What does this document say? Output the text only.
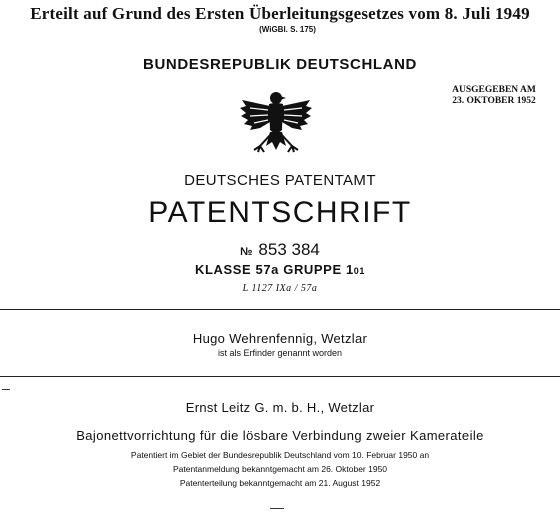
Erteilt auf Grund des Ersten Überleitungsgesetzes vom 8. Juli 1949
(WiGBl. S. 175)
BUNDESREPUBLIK DEUTSCHLAND
AUSGEGEBEN AM
23. OKTOBER 1952
DEUTSCHES PATENTAMT
PATENTSCHRIFT
№ 853 384
KLASSE 57a GRUPPE 101
L 1127 IXa / 57a
Hugo Wehrenfennig, Wetzlar
ist als Erfinder genannt worden
Ernst Leitz G. m. b. H., Wetzlar
Bajonettvorrichtung für die lösbare Verbindung zweier Kamerateile
Patentiert im Gebiet der Bundesrepublik Deutschland vom 10. Februar 1950 an
Patentanmeldung bekanntgemacht am 26. Oktober 1950
Patenterteilung bekanntgemacht am 21. August 1952
